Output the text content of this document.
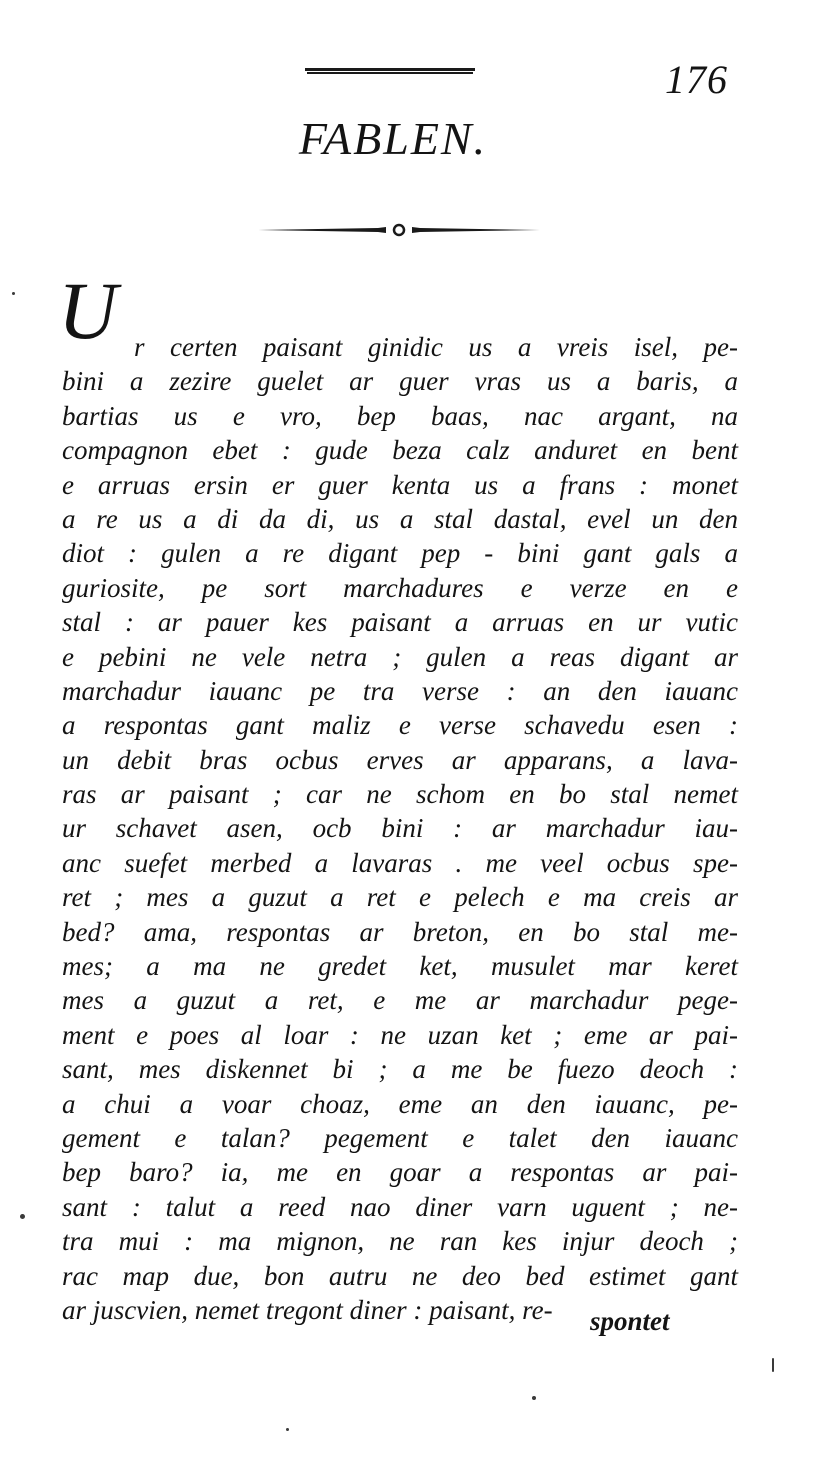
176
FABLEN.
U r certen paisant ginidic us a vreis isel, pe-
bini a zezire guelet ar guer vras us a baris, a
bartias us e vro, bep baas, nac argant, na
compagnon ebet : gude beza calz anduret en bent
e arruas ersin er guer kenta us a frans : monet
a re us a di da di, us a stal dastal, evel un den
diot : gulen a re digant pep - bini gant gals a
guriosite, pe sort marchadures e verze en e
stal : ar pauer kes paisant a arruas en ur vutic
e pebini ne vele netra ; gulen a reas digant ar
marchadur iauanc pe tra verse : an den iauanc
a respontas gant maliz e verse schavedu esen :
un debit bras ocbus erves ar apparans, a lava-
ras ar paisant ; car ne schom en bo stal nemet
ur schavet asen, ocb bini : ar marchadur iau-
anc suefet merbed a lavaras . me veel ocbus spe-
ret ; mes a guzut a ret e pelech e ma creis ar
bed? ama, respontas ar breton, en bo stal me-
mes; a ma ne gredet ket, musulet mar keret
mes a guzut a ret, e me ar marchadur pege-
ment e poes al loar : ne uzan ket ; eme ar pai-
sant, mes diskennet bi ; a me be fuezo deoch :
a chui a voar choaz, eme an den iauanc, pe-
gement e talan? pegement e talet den iauanc
bep baro? ia, me en goar a respontas ar pai-
sant : talut a reed nao diner varn uguent ; ne-
tra mui : ma mignon, ne ran kes injur deoch ;
rac map due, bon autru ne deo bed estimet gant
ar juscvien, nemet tregont diner : paisant, re-	spontet
